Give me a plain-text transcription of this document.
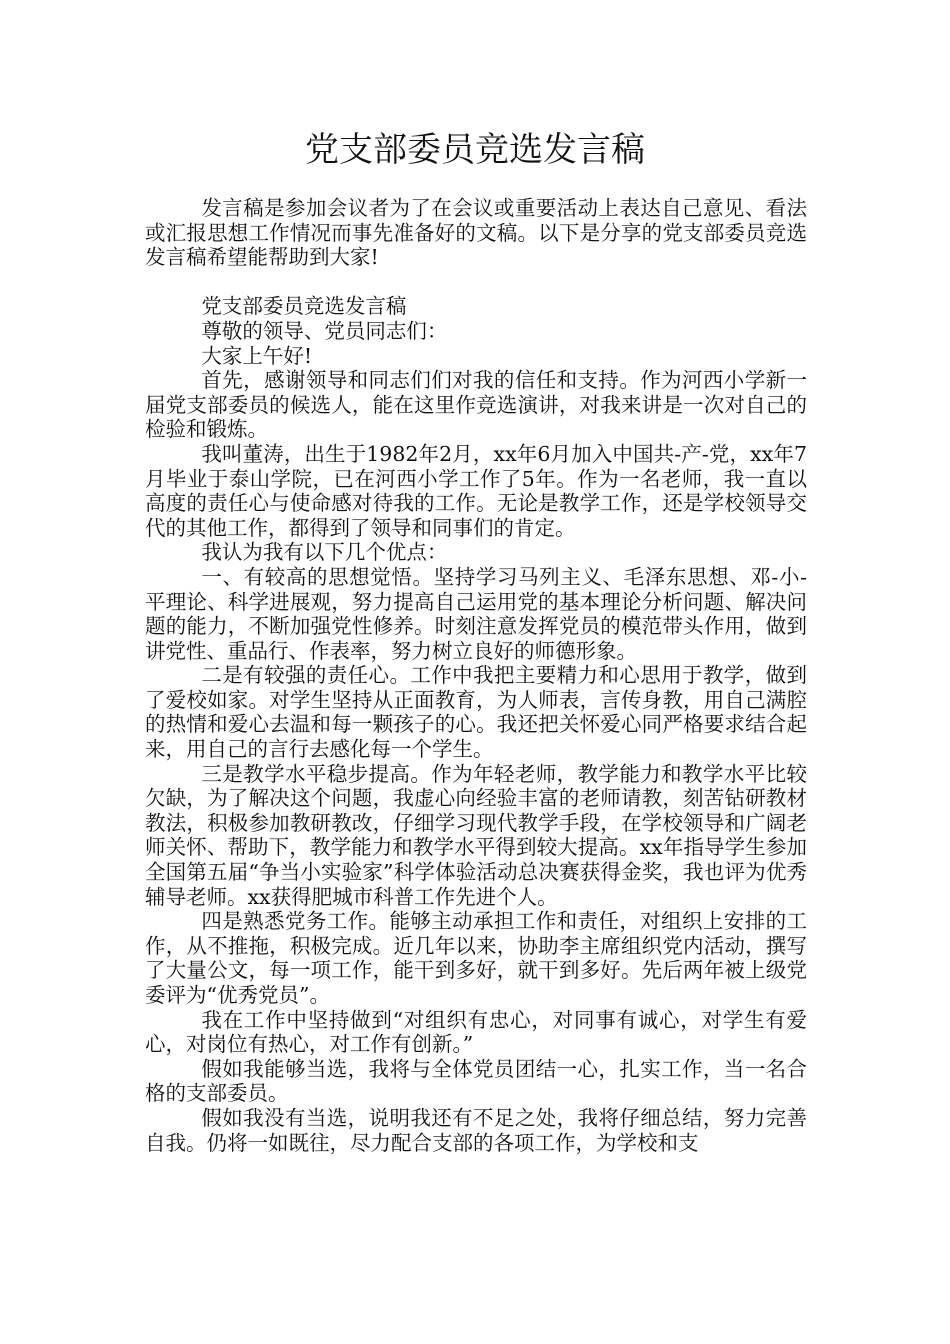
党支部委员竞选发言稿

发言稿是参加会议者为了在会议或重要活动上表达自己意见、看法或汇报思想工作情况而事先准备好的文稿。以下是分享的党支部委员竞选发言稿希望能帮助到大家!

党支部委员竞选发言稿

尊敬的领导、党员同志们：

大家上午好!

首先，感谢领导和同志们们对我的信任和支持。作为河西小学新一届党支部委员的候选人，能在这里作竞选演讲，对我来讲是一次对自己的检验和锻炼。

我叫董涛，出生于1982年2月，xx年6月加入中国共-产-党，xx年7月毕业于泰山学院，已在河西小学工作了5年。作为一名老师，我一直以高度的责任心与使命感对待我的工作。无论是教学工作，还是学校领导交代的其他工作，都得到了领导和同事们的肯定。

我认为我有以下几个优点：

一、有较高的思想觉悟。坚持学习马列主义、毛泽东思想、邓-小-平理论、科学进展观，努力提高自己运用党的基本理论分析问题、解决问题的能力，不断加强党性修养。时刻注意发挥党员的模范带头作用，做到讲党性、重品行、作表率，努力树立良好的师德形象。

二是有较强的责任心。工作中我把主要精力和心思用于教学，做到了爱校如家。对学生坚持从正面教育，为人师表，言传身教，用自己满腔的热情和爱心去温和每一颗孩子的心。我还把关怀爱心同严格要求结合起来，用自己的言行去感化每一个学生。

三是教学水平稳步提高。作为年轻老师，教学能力和教学水平比较欠缺，为了解决这个问题，我虚心向经验丰富的老师请教，刻苦钻研教材教法，积极参加教研教改，仔细学习现代教学手段，在学校领导和广阔老师关怀、帮助下，教学能力和教学水平得到较大提高。xx年指导学生参加全国第五届“争当小实验家”科学体验活动总决赛获得金奖，我也评为优秀辅导老师。xx获得肥城市科普工作先进个人。

四是熟悉党务工作。能够主动承担工作和责任，对组织上安排的工作，从不推拖，积极完成。近几年以来，协助李主席组织党内活动，撰写了大量公文，每一项工作，能干到多好，就干到多好。先后两年被上级党委评为“优秀党员”。

我在工作中坚持做到“对组织有忠心，对同事有诚心，对学生有爱心，对岗位有热心，对工作有创新。”

假如我能够当选，我将与全体党员团结一心，扎实工作，当一名合格的支部委员。

假如我没有当选，说明我还有不足之处，我将仔细总结，努力完善自我。仍将一如既往，尽力配合支部的各项工作，为学校和支
